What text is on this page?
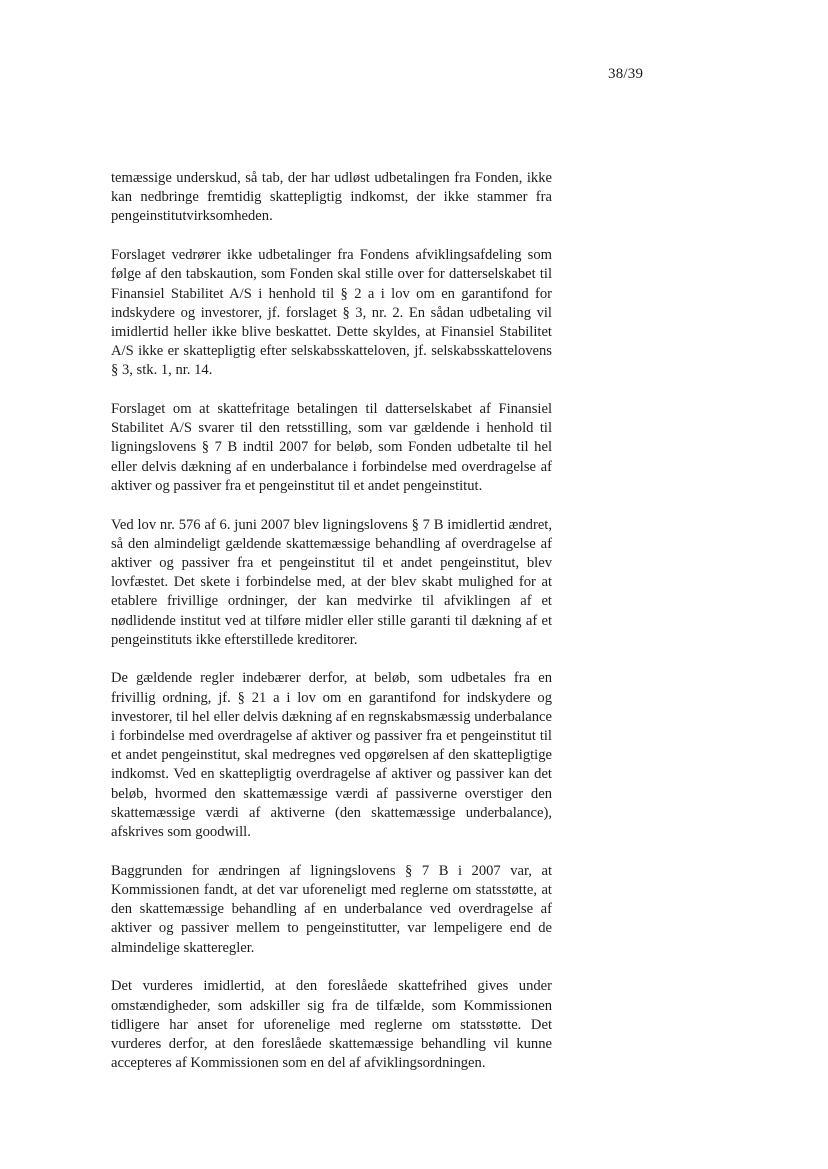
38/39

temæssige underskud, så tab, der har udløst udbetalingen fra Fonden, ikke kan nedbringe fremtidig skattepligtig indkomst, der ikke stammer fra pengeinstitutvirksomheden.

Forslaget vedrører ikke udbetalinger fra Fondens afviklingsafdeling som følge af den tabskaution, som Fonden skal stille over for datterselskabet til Finansiel Stabilitet A/S i henhold til § 2 a i lov om en garantifond for indskydere og investorer, jf. forslaget § 3, nr. 2. En sådan udbetaling vil imidlertid heller ikke blive beskattet. Dette skyldes, at Finansiel Stabilitet A/S ikke er skattepligtig efter selskabsskatteloven, jf. selskabsskattelovens § 3, stk. 1, nr. 14.

Forslaget om at skattefritage betalingen til datterselskabet af Finansiel Stabilitet A/S svarer til den retsstilling, som var gældende i henhold til ligningslovens § 7 B indtil 2007 for beløb, som Fonden udbetalte til hel eller delvis dækning af en underbalance i forbindelse med overdragelse af aktiver og passiver fra et pengeinstitut til et andet pengeinstitut.

Ved lov nr. 576 af 6. juni 2007 blev ligningslovens § 7 B imidlertid ændret, så den almindeligt gældende skattemæssige behandling af overdragelse af aktiver og passiver fra et pengeinstitut til et andet pengeinstitut, blev lovfæstet. Det skete i forbindelse med, at der blev skabt mulighed for at etablere frivillige ordninger, der kan medvirke til afviklingen af et nødlidende institut ved at tilføre midler eller stille garanti til dækning af et pengeinstituts ikke efterstillede kreditorer.

De gældende regler indebærer derfor, at beløb, som udbetales fra en frivillig ordning, jf. § 21 a i lov om en garantifond for indskydere og investorer, til hel eller delvis dækning af en regnskabsmæssig underbalance i forbindelse med overdragelse af aktiver og passiver fra et pengeinstitut til et andet pengeinstitut, skal medregnes ved opgørelsen af den skattepligtige indkomst. Ved en skattepligtig overdragelse af aktiver og passiver kan det beløb, hvormed den skattemæssige værdi af passiverne overstiger den skattemæssige værdi af aktiverne (den skattemæssige underbalance), afskrives som goodwill.

Baggrunden for ændringen af ligningslovens § 7 B i 2007 var, at Kommissionen fandt, at det var uforeneligt med reglerne om statsstøtte, at den skattemæssige behandling af en underbalance ved overdragelse af aktiver og passiver mellem to pengeinstitutter, var lempeligere end de almindelige skatteregler.

Det vurderes imidlertid, at den foreslåede skattefrihed gives under omstændigheder, som adskiller sig fra de tilfælde, som Kommissionen tidligere har anset for uforenelige med reglerne om statsstøtte. Det vurderes derfor, at den foreslåede skattemæssige behandling vil kunne accepteres af Kommissionen som en del af afviklingsordningen.
